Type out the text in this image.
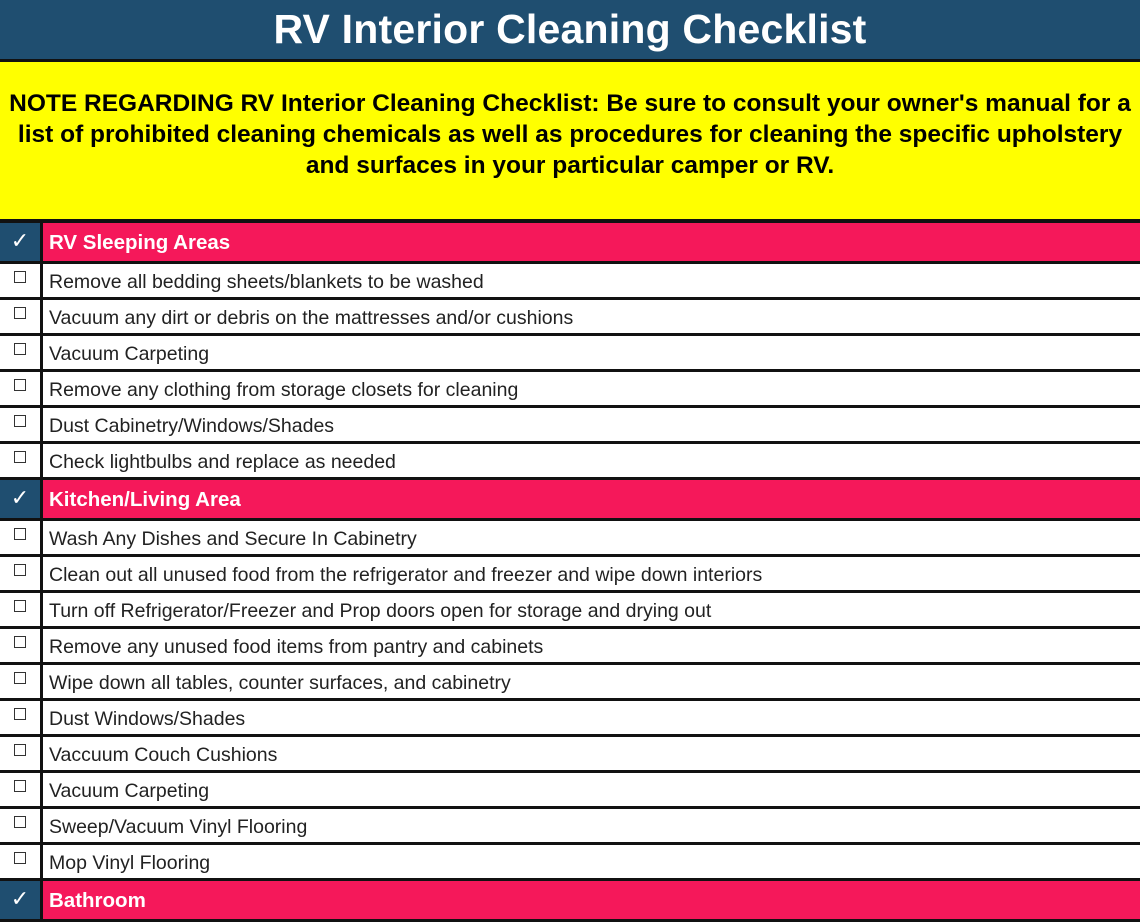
RV Interior Cleaning Checklist
NOTE REGARDING RV Interior Cleaning Checklist: Be sure to consult your owner's manual for a list of prohibited cleaning chemicals as well as procedures for cleaning the specific upholstery and surfaces in your particular camper or RV.
✓ RV Sleeping Areas
Remove all bedding sheets/blankets to be washed
Vacuum any dirt or debris on the mattresses and/or cushions
Vacuum Carpeting
Remove any clothing from storage closets for cleaning
Dust Cabinetry/Windows/Shades
Check lightbulbs and replace as needed
✓ Kitchen/Living Area
Wash Any Dishes and Secure In Cabinetry
Clean out all unused food from the refrigerator and freezer and wipe down interiors
Turn off Refrigerator/Freezer and Prop doors open for storage and drying out
Remove any unused food items from pantry and cabinets
Wipe down all tables, counter surfaces, and cabinetry
Dust Windows/Shades
Vaccuum Couch Cushions
Vacuum Carpeting
Sweep/Vacuum Vinyl Flooring
Mop Vinyl Flooring
✓ Bathroom
